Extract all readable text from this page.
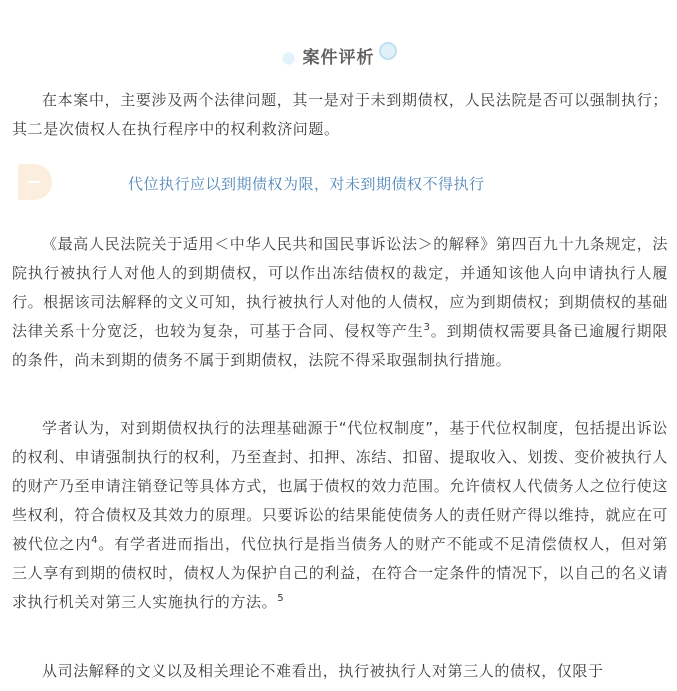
案件评析

在本案中，主要涉及两个法律问题，其一是对于未到期债权，人民法院是否可以强制执行；其二是次债权人在执行程序中的权利救济问题。

代位执行应以到期债权为限，对未到期债权不得执行

《最高人民法院关于适用＜中华人民共和国民事诉讼法＞的解释》第四百九十九条规定，法院执行被执行人对他人的到期债权，可以作出冻结债权的裁定，并通知该他人向申请执行人履行。根据该司法解释的文义可知，执行被执行人对他的人债权，应为到期债权；到期债权的基础法律关系十分宽泛，也较为复杂，可基于合同、侵权等产生$^3$。到期债权需要具备已逾履行期限的条件，尚未到期的债务不属于到期债权，法院不得采取强制执行措施。

学者认为，对到期债权执行的法理基础源于“代位权制度”，基于代位权制度，包括提出诉讼的权利、申请强制执行的权利，乃至查封、扣押、冻结、扣留、提取收入、划拨、变价被执行人的财产乃至申请注销登记等具体方式，也属于债权的效力范围。允许债权人代债务人之位行使这些权利，符合债权及其效力的原理。只要诉讼的结果能使债务人的责任财产得以维持，就应在可被代位之内$^4$。有学者进而指出，代位执行是指当债务人的财产不能或不足清偿债权人，但对第三人享有到期的债权时，债权人为保护自己的利益，在符合一定条件的情况下，以自己的名义请求执行机关对第三人实施执行的方法。$^5$

从司法解释的文义以及相关理论不难看出，执行被执行人对第三人的债权，仅限于
